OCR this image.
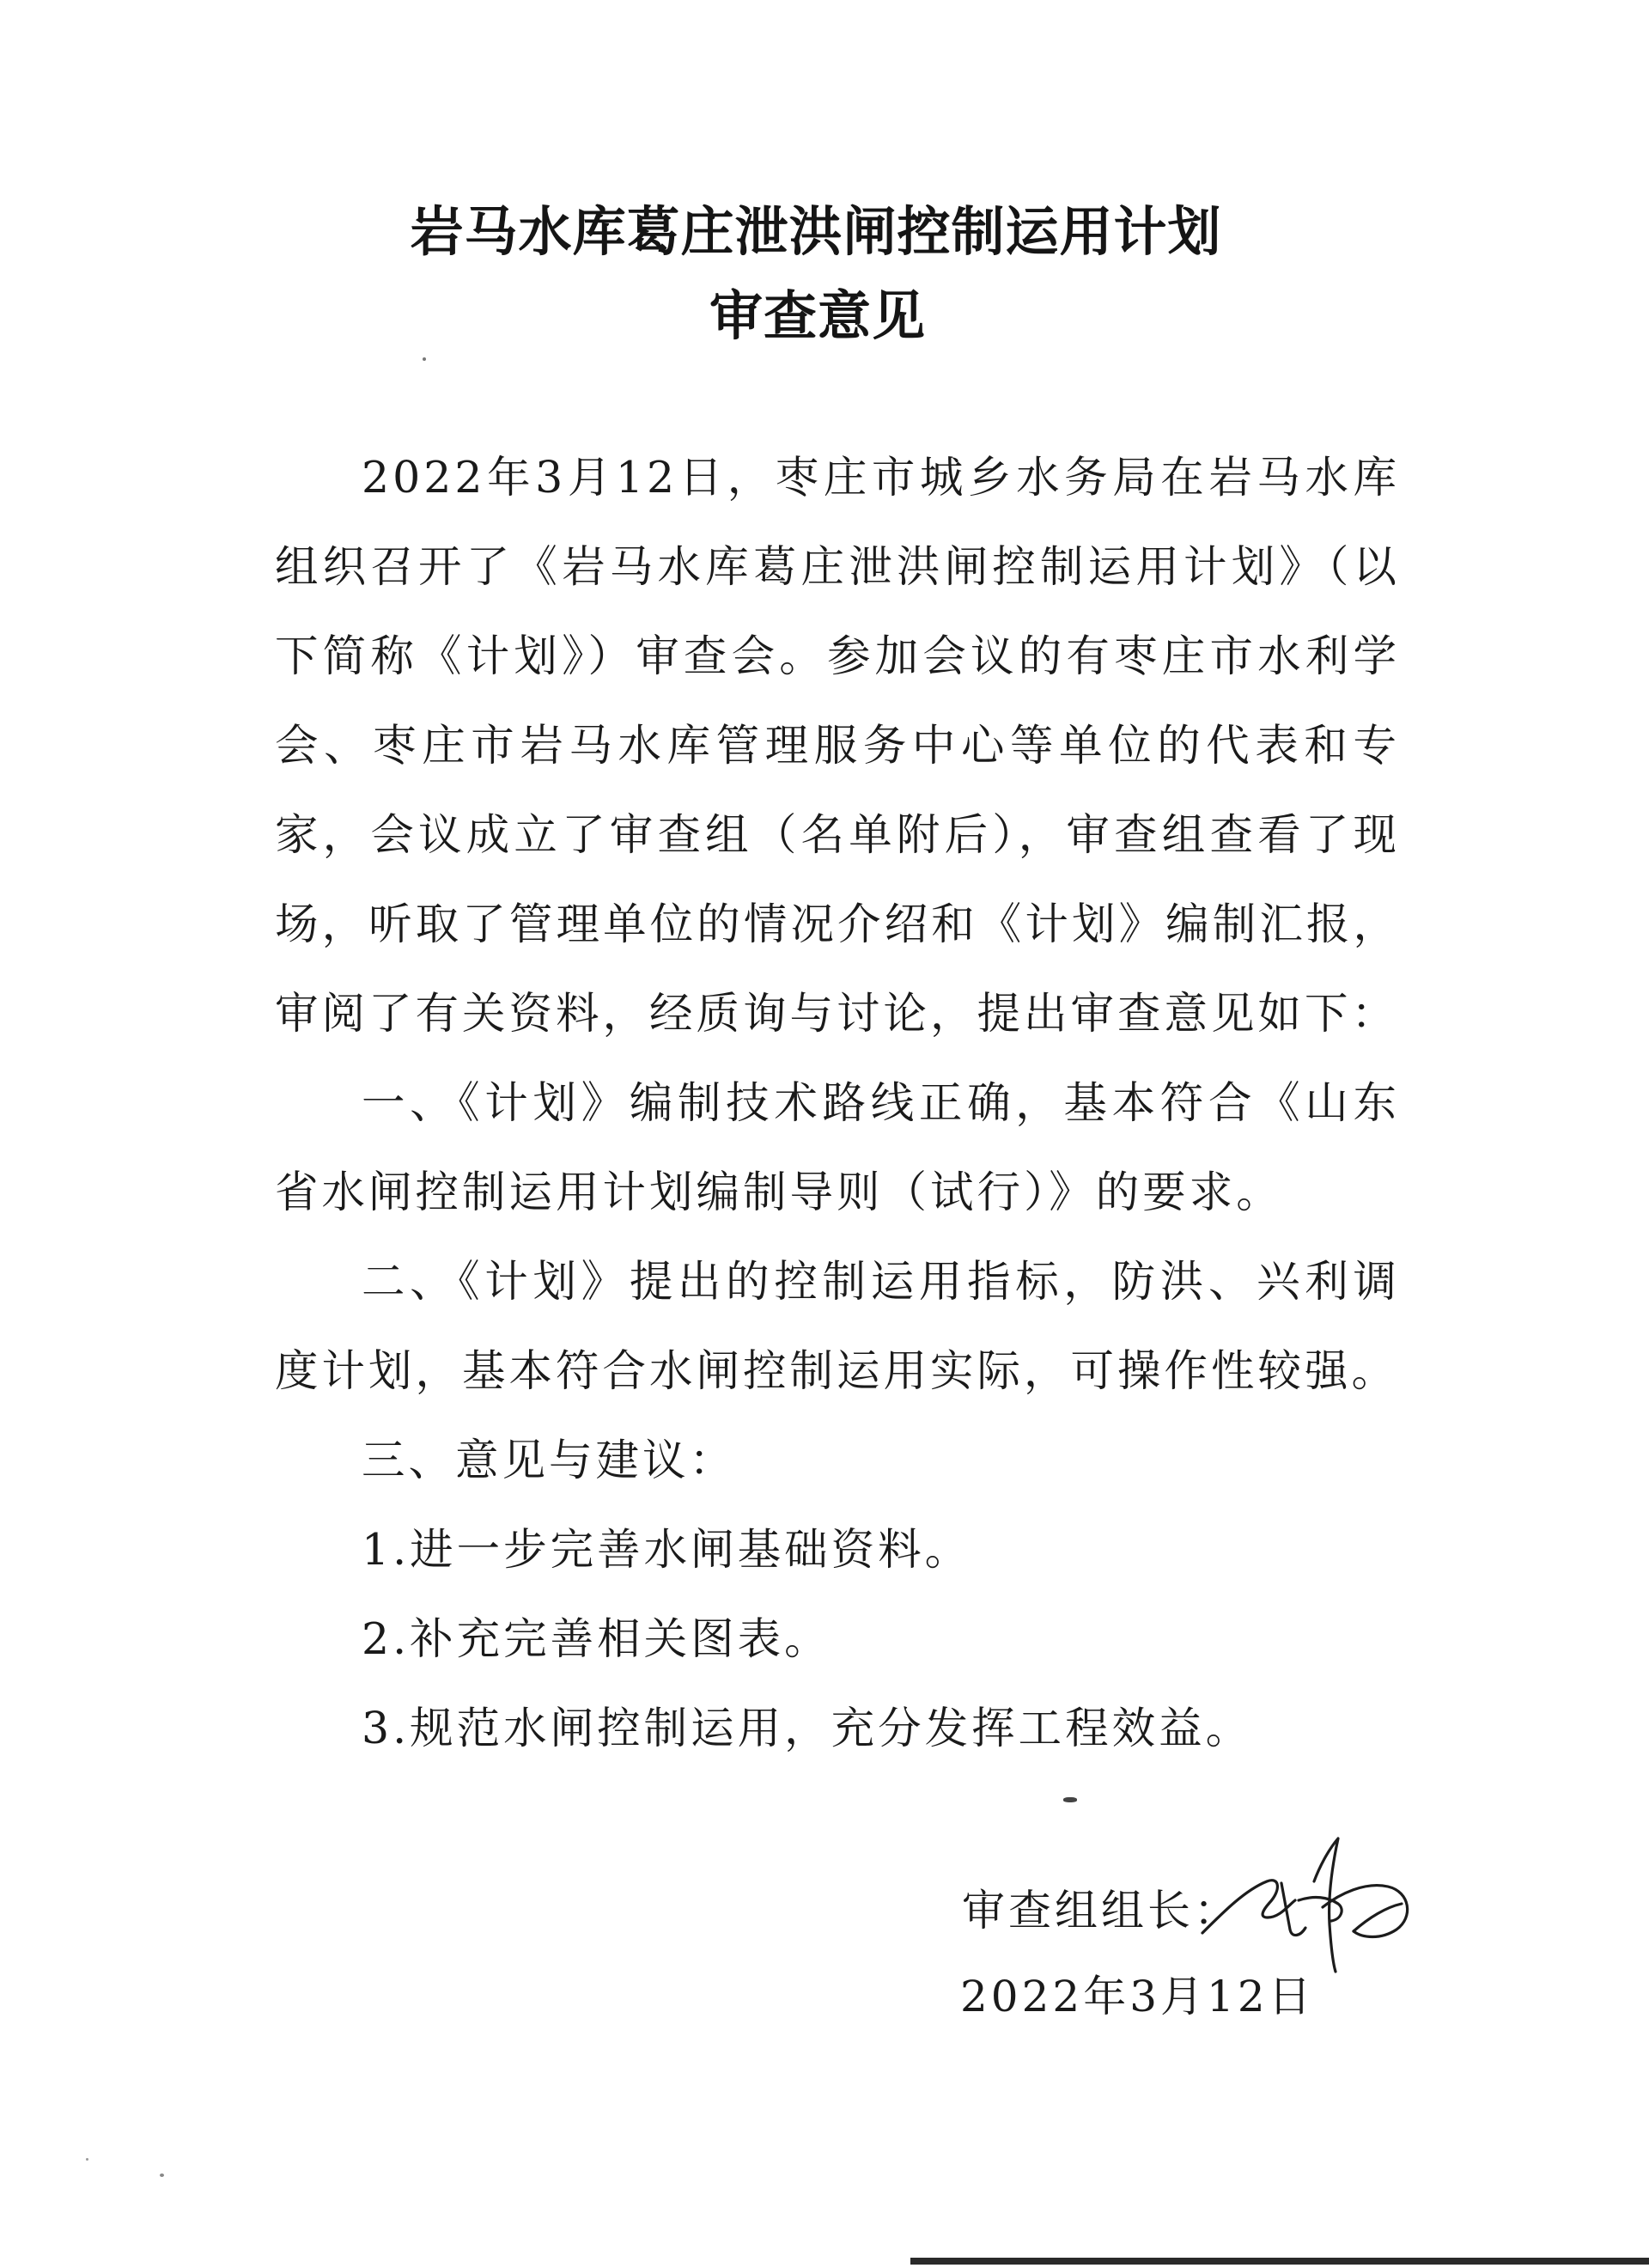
岩马水库葛庄泄洪闸控制运用计划
审查意见

2022年3月12日，枣庄市城乡水务局在岩马水库组织召开了《岩马水库葛庄泄洪闸控制运用计划》（以下简称《计划》）审查会。参加会议的有枣庄市水利学会、枣庄市岩马水库管理服务中心等单位的代表和专家，会议成立了审查组（名单附后），审查组查看了现场，听取了管理单位的情况介绍和《计划》编制汇报，审阅了有关资料，经质询与讨论，提出审查意见如下：

一、《计划》编制技术路线正确，基本符合《山东省水闸控制运用计划编制导则（试行）》的要求。

二、《计划》提出的控制运用指标，防洪、兴利调度计划，基本符合水闸控制运用实际，可操作性较强。

三、意见与建议：

1.进一步完善水闸基础资料。

2.补充完善相关图表。

3.规范水闸控制运用，充分发挥工程效益。

审查组组长：
2022年3月12日
